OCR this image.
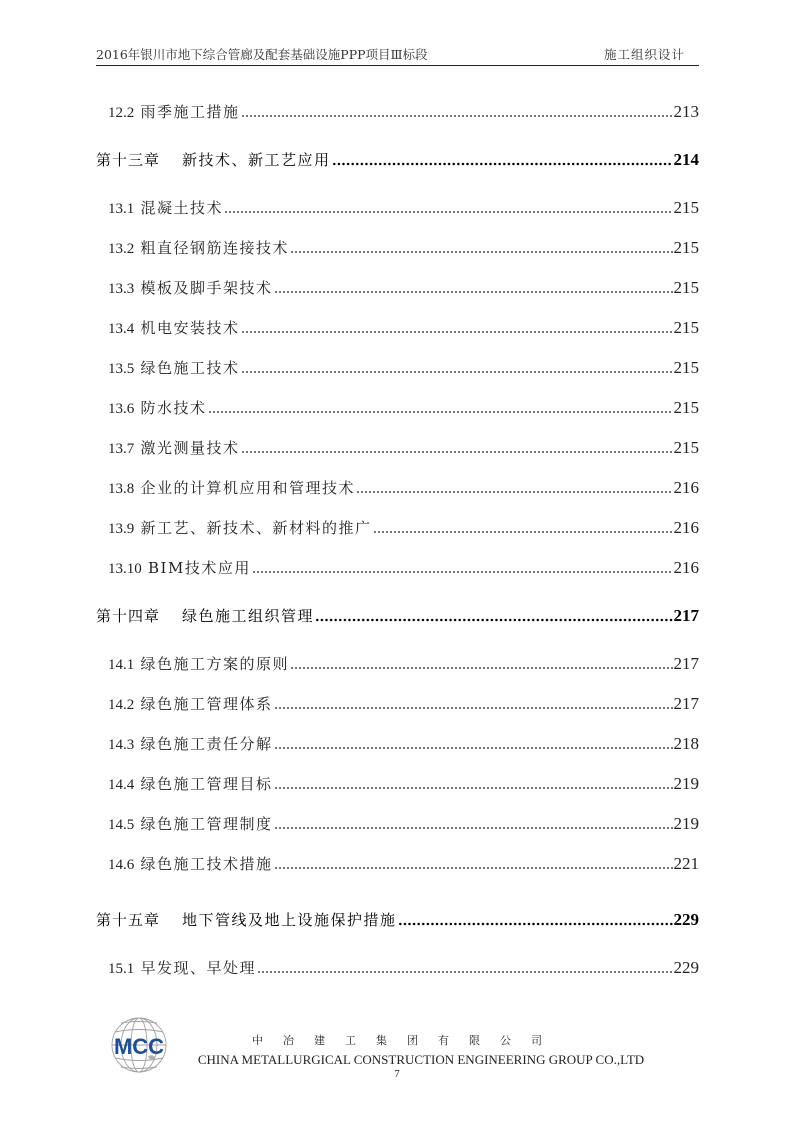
2016年银川市地下综合管廊及配套基础设施PPP项目Ⅲ标段	施工组织设计
12.2 雨季施工措施	213
第十三章 新技术、新工艺应用	214
13.1 混凝土技术	215
13.2 粗直径钢筋连接技术	215
13.3 模板及脚手架技术	215
13.4 机电安装技术	215
13.5 绿色施工技术	215
13.6 防水技术	215
13.7 激光测量技术	215
13.8 企业的计算机应用和管理技术	216
13.9 新工艺、新技术、新材料的推广	216
13.10 BIM技术应用	216
第十四章 绿色施工组织管理	217
14.1 绿色施工方案的原则	217
14.2 绿色施工管理体系	217
14.3 绿色施工责任分解	218
14.4 绿色施工管理目标	219
14.5 绿色施工管理制度	219
14.6 绿色施工技术措施	221
第十五章 地下管线及地上设施保护措施	229
15.1 早发现、早处理	229
MCC	中冶建工集团有限公司
CHINA METALLURGICAL CONSTRUCTION ENGINEERING GROUP CO.,LTD
7
